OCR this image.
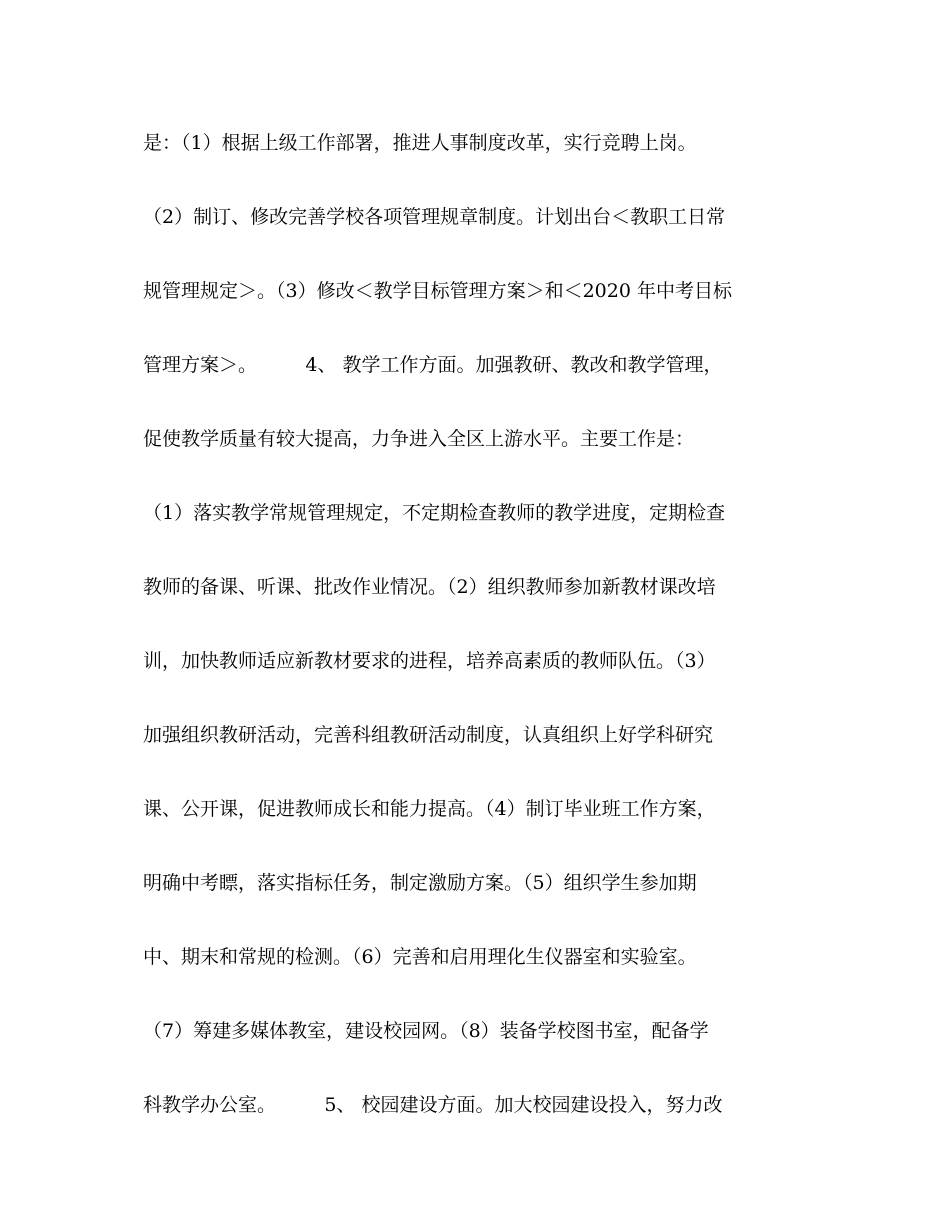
是：（1）根据上级工作部署，推进人事制度改革，实行竞聘上岗。
（2）制订、修改完善学校各项管理规章制度。计划出台＜教职工日常
规管理规定＞。（3）修改＜教学目标管理方案＞和＜2020 年中考目标
管理方案＞。        4、 教学工作方面。加强教研、教改和教学管理，
促使教学质量有较大提高，力争进入全区上游水平。主要工作是：
（1）落实教学常规管理规定，不定期检查教师的教学进度，定期检查
教师的备课、听课、批改作业情况。（2）组织教师参加新教材课改培
训，加快教师适应新教材要求的进程，培养高素质的教师队伍。（3）
加强组织教研活动，完善科组教研活动制度，认真组织上好学科研究
课、公开课，促进教师成长和能力提高。（4）制订毕业班工作方案，
明确中考瞟，落实指标任务，制定激励方案。（5）组织学生参加期
中、期末和常规的检测。（6）完善和启用理化生仪器室和实验室。
（7）筹建多媒体教室，建设校园网。（8）装备学校图书室，配备学
科教学办公室。        5、 校园建设方面。加大校园建设投入，努力改
